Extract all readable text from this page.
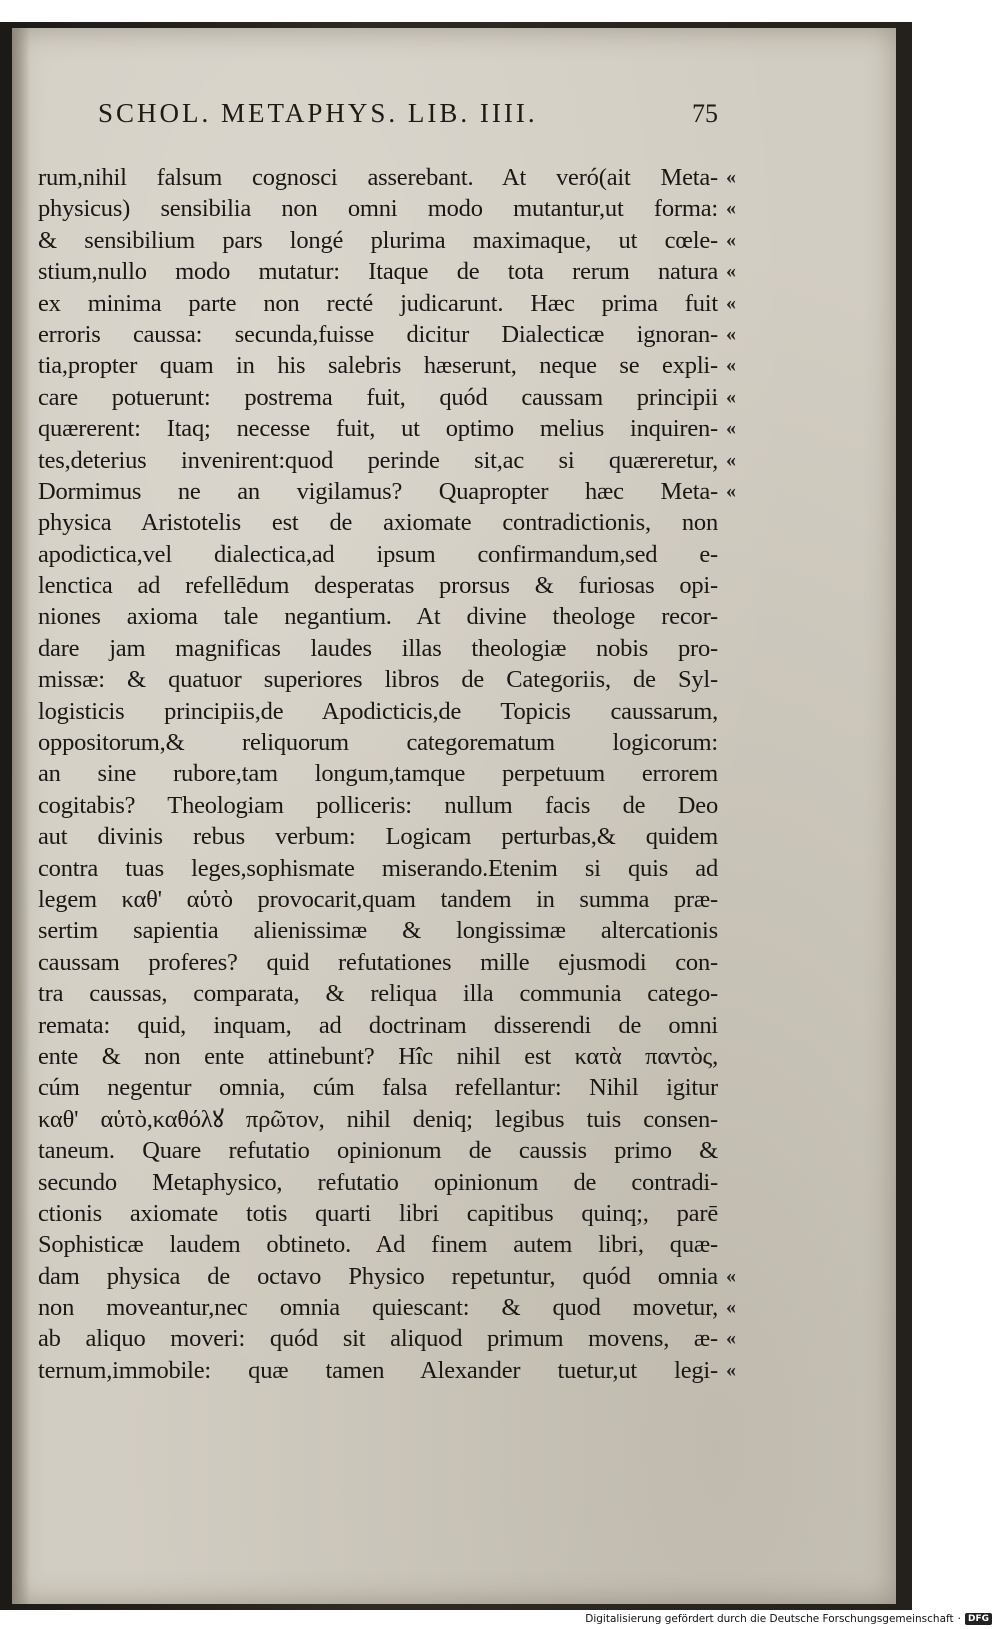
SCHOL. METAPHYS. LIB. IIII.	75
rum,nihil falsum cognosci asserebant. At veró(ait Meta- «
physicus) sensibilia non omni modo mutantur,ut forma: «
& sensibilium pars longé plurima maximaque, ut cœle- «
stium,nullo modo mutatur: Itaque de tota rerum natura «
ex minima parte non recté judicarunt. Hæc prima fuit «
erroris caussa: secunda,fuisse dicitur Dialecticæ ignoran- «
tia,propter quam in his salebris hæserunt, neque se expli- «
care potuerunt: postrema fuit, quód caussam principii «
quærerent: Itaq; necesse fuit, ut optimo melius inquiren- «
tes,deterius invenirent:quod perinde sit,ac si quæreretur, «
Dormimus ne an vigilamus? Quapropter hæc Meta- «
physica Aristotelis est de axiomate contradictionis, non
apodictica,vel dialectica,ad ipsum confirmandum,sed e-
lenctica ad refellēdum desperatas prorsus & furiosas opi-
niones axioma tale negantium. At divine theologe recor-
dare jam magnificas laudes illas theologiæ nobis pro-
missæ: & quatuor superiores libros de Categoriis, de Syl-
logisticis principiis,de Apodicticis,de Topicis caussarum,
oppositorum,& reliquorum categorematum logicorum:
an sine rubore,tam longum,tamque perpetuum errorem
cogitabis? Theologiam polliceris: nullum facis de Deo
aut divinis rebus verbum: Logicam perturbas,& quidem
contra tuas leges,sophismate miserando.Etenim si quis ad
legem καθ' αὑτὸ provocarit,quam tandem in summa præ-
sertim sapientia alienissimæ & longissimæ altercationis
caussam proferes? quid refutationes mille ejusmodi con-
tra caussas, comparata, & reliqua illa communia catego-
remata: quid, inquam, ad doctrinam disserendi de omni
ente & non ente attinebunt? Hîc nihil est κατὰ παντὸς,
cúm negentur omnia, cúm falsa refellantur: Nihil igitur
καθ' αὑτὸ,καθόλꙋ πρῶτον, nihil deniq; legibus tuis consen-
taneum. Quare refutatio opinionum de caussis primo &
secundo Metaphysico, refutatio opinionum de contradi-
ctionis axiomate totis quarti libri capitibus quinq;, parē
Sophisticæ laudem obtineto. Ad finem autem libri, quæ-
dam physica de octavo Physico repetuntur, quód omnia «
non moveantur,nec omnia quiescant: & quod movetur, «
ab aliquo moveri: quód sit aliquod primum movens, æ- «
ternum,immobile: quæ tamen Alexander tuetur,ut legi- «
Digitalisierung gefördert durch die Deutsche Forschungsgemeinschaft · DFG
